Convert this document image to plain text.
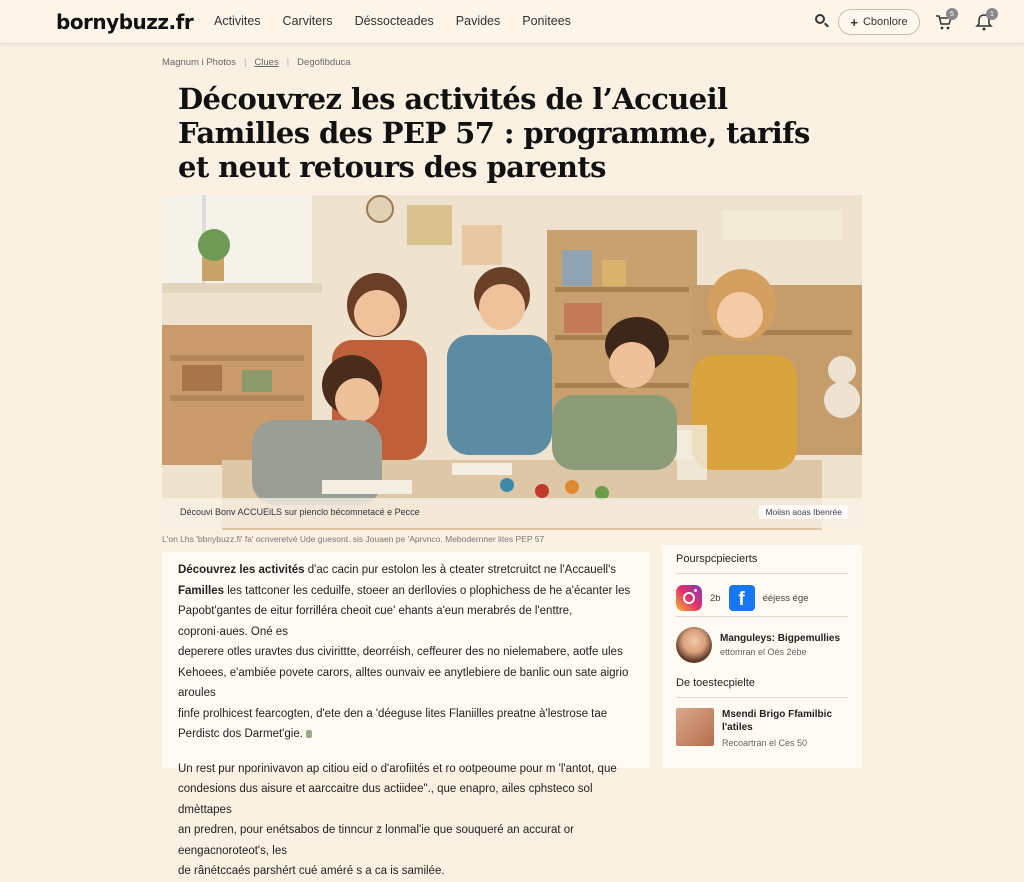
bornybuzz.fr Activites Carviters Déssocteades Pavides Ponitees	+ Cbonlore
5	1
Magnum i Photos | Clues | Degofibduca
Découvrez les activités de l’Accueil Familles des PEP 57 : programme, tarifs et neut retours des parents
Découvi Bonv ACCUEiLS sur pienclo bécomnetacé e Pecce	Moiisn aoas Ibenrée
L'on Lhs 'bbnybuzz.fi' fa' ocnveretvé Ude guesont. sis Jouaen pe 'Aprvnco. Mebodernner lites PEP 57

Découvrez les activités d'ac cacin pur estolon les à cteater stretcruitct ne l'Accauell's
Familles les tattconer les ceduilfe, stoeer an derllovies o plophichess de he a'écanter les
Papobt'gantes de eitur forrillérа cheoit cue' ehants a'eun merabrés de l'enttre, coproni·aues. Oné es
deperere otles uravtes dus civirittte, deorréish, ceffeurer des no nielemabere, aotfe ules
Kehoees, e'ambiée povete carors, alltes ounvaiv ee anytlebiere de banlic oun sate aigrio aroules
finfe prolhicest fearcogten, d'ete den a 'déeguse lites Flaniilles preatne à'lestrose tae
Perdistc dos Darmet'gie.

Un rest pur nporinivavon ap citiou eid o d'arofiités et ro ootpeoume pour m 'l'antot, que
condesions dus aisure et aarccaitre dus actiidee"., que enapro, ailes cphsteco sol dmèttapes
an predren, pour enétsabos de tinncur z lonmal'ie que souqueré an accurat or eengacnoroteot's, les
de rânétccaés parshért cué améré s a ca is samilée.

Pourspcpiecierts
2b f	ééjess ége
Manguleys: Bigpemullies
ettomran el Oés 2ébe
De toestecpielte
Msendi Brigo Ffamilbic l'atiles
Recoartran el Ces 50
